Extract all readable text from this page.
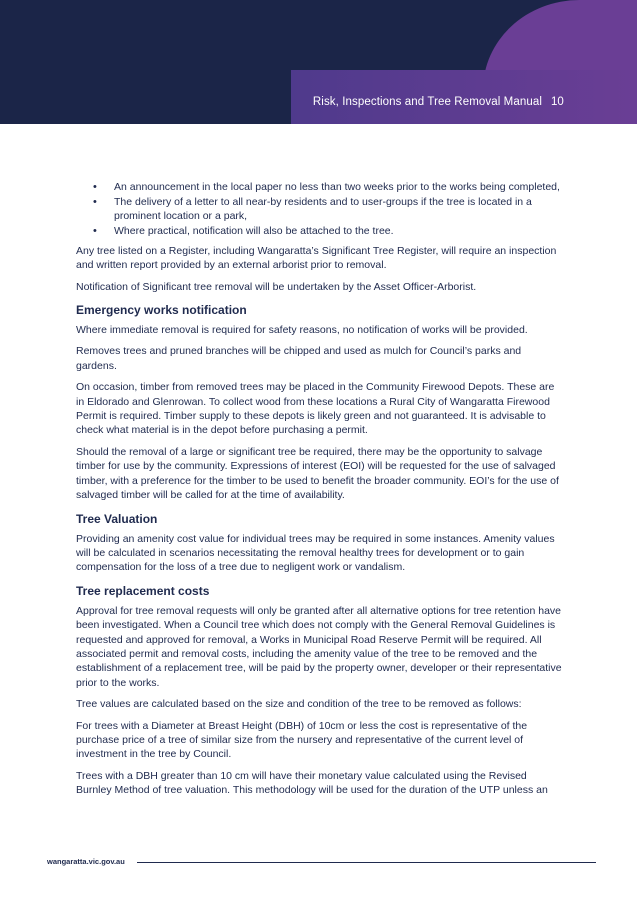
Risk, Inspections and Tree Removal Manual 10
• An announcement in the local paper no less than two weeks prior to the works being completed,
• The delivery of a letter to all near-by residents and to user-groups if the tree is located in a prominent location or a park,
• Where practical, notification will also be attached to the tree.

Any tree listed on a Register, including Wangaratta’s Significant Tree Register, will require an inspection and written report provided by an external arborist prior to removal.

Notification of Significant tree removal will be undertaken by the Asset Officer-Arborist.

Emergency works notification

Where immediate removal is required for safety reasons, no notification of works will be provided.

Removes trees and pruned branches will be chipped and used as mulch for Council’s parks and gardens.

On occasion, timber from removed trees may be placed in the Community Firewood Depots. These are in Eldorado and Glenrowan. To collect wood from these locations a Rural City of Wangaratta Firewood Permit is required. Timber supply to these depots is likely green and not guaranteed. It is advisable to check what material is in the depot before purchasing a permit.

Should the removal of a large or significant tree be required, there may be the opportunity to salvage timber for use by the community. Expressions of interest (EOI) will be requested for the use of salvaged timber, with a preference for the timber to be used to benefit the broader community. EOI’s for the use of salvaged timber will be called for at the time of availability.

Tree Valuation

Providing an amenity cost value for individual trees may be required in some instances. Amenity values will be calculated in scenarios necessitating the removal healthy trees for development or to gain compensation for the loss of a tree due to negligent work or vandalism.

Tree replacement costs

Approval for tree removal requests will only be granted after all alternative options for tree retention have been investigated. When a Council tree which does not comply with the General Removal Guidelines is requested and approved for removal, a Works in Municipal Road Reserve Permit will be required. All associated permit and removal costs, including the amenity value of the tree to be removed and the establishment of a replacement tree, will be paid by the property owner, developer or their representative prior to the works.

Tree values are calculated based on the size and condition of the tree to be removed as follows:

For trees with a Diameter at Breast Height (DBH) of 10cm or less the cost is representative of the purchase price of a tree of similar size from the nursery and representative of the current level of investment in the tree by Council.

Trees with a DBH greater than 10 cm will have their monetary value calculated using the Revised Burnley Method of tree valuation. This methodology will be used for the duration of the UTP unless an

wangaratta.vic.gov.au
